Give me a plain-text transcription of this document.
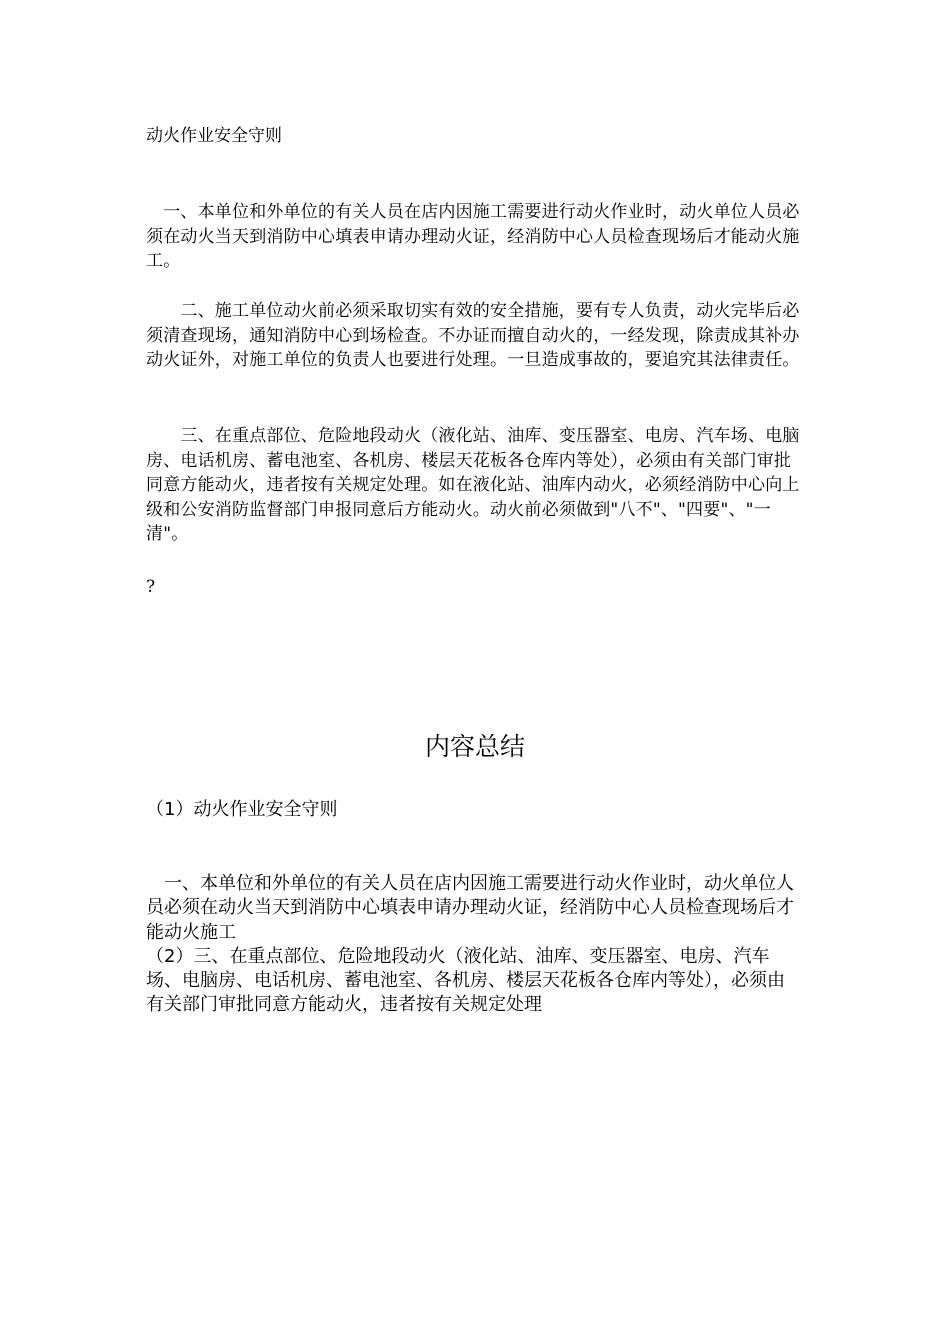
动火作业安全守则
　一、本单位和外单位的有关人员在店内因施工需要进行动火作业时，动火单位人员必须在动火当天到消防中心填表申请办理动火证，经消防中心人员检查现场后才能动火施工。
　　二、施工单位动火前必须采取切实有效的安全措施，要有专人负责，动火完毕后必须清查现场，通知消防中心到场检查。不办证而擅自动火的，一经发现，除责成其补办动火证外，对施工单位的负责人也要进行处理。一旦造成事故的，要追究其法律责任。
　　三、在重点部位、危险地段动火（液化站、油库、变压器室、电房、汽车场、电脑房、电话机房、蓄电池室、各机房、楼层天花板各仓库内等处），必须由有关部门审批同意方能动火，违者按有关规定处理。如在液化站、油库内动火，必须经消防中心向上级和公安消防监督部门申报同意后方能动火。动火前必须做到"八不"、"四要"、"一清"。
?
内容总结
（1）动火作业安全守则
　一、本单位和外单位的有关人员在店内因施工需要进行动火作业时，动火单位人员必须在动火当天到消防中心填表申请办理动火证，经消防中心人员检查现场后才能动火施工
（2）三、在重点部位、危险地段动火（液化站、油库、变压器室、电房、汽车场、电脑房、电话机房、蓄电池室、各机房、楼层天花板各仓库内等处），必须由有关部门审批同意方能动火，违者按有关规定处理
